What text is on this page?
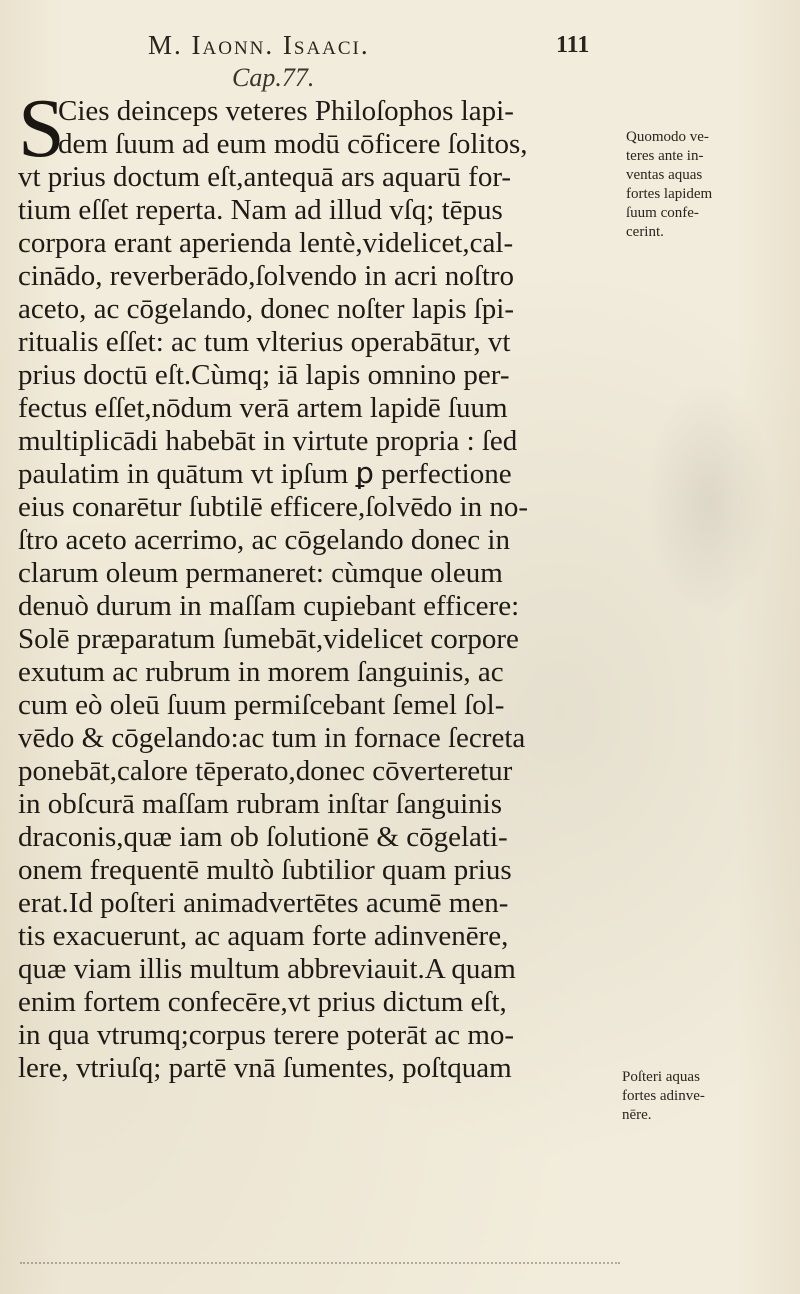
M. Iaonn. Isaaci.	111
Cap.77.
S
Cies deinceps veteres Philoſophos lapi-
dem ſuum ad eum modū cōficere ſolitos,
vt prius doctum eſt,antequā ars aquarū for-
tium eſſet reperta. Nam ad illud vſq; tēpus
corpora erant aperienda lentè,videlicet,cal-
cinādo, reverberādo,ſolvendo in acri noſtro
aceto, ac cōgelando, donec noſter lapis ſpi-
ritualis eſſet: ac tum vlterius operabātur, vt
prius doctū eſt.Cùmq; iā lapis omnino per-
fectus eſſet,nōdum verā artem lapidē ſuum
multiplicādi habebāt in virtute propria : ſed
paulatim in quātum vt ipſum ꝑ perfectione
eius conarētur ſubtilē efficere,ſolvēdo in no-
ſtro aceto acerrimo, ac cōgelando donec in
clarum oleum permaneret: cùmque oleum
denuò durum in maſſam cupiebant efficere:
Solē præparatum ſumebāt,videlicet corpore
exutum ac rubrum in morem ſanguinis, ac
cum eò oleū ſuum permiſcebant ſemel ſol-
vēdo & cōgelando:ac tum in fornace ſecreta
ponebāt,calore tēperato,donec cōverteretur
in obſcurā maſſam rubram inſtar ſanguinis
draconis,quæ iam ob ſolutionē & cōgelati-
onem frequentē multò ſubtilior quam prius
erat.Id poſteri animadvertētes acumē men-
tis exacuerunt, ac aquam forte adinvenēre,
quæ viam illis multum abbreviauit.A quam
enim fortem confecēre,vt prius dictum eſt,
in qua vtrumq;corpus terere poterāt ac mo-
lere, vtriuſq; partē vnā ſumentes, poſtquam
Quomodo ve-
teres ante in-
ventas aquas
fortes lapidem
ſuum confe-
cerint.
Poſteri aquas
fortes adinve-
nēre.
